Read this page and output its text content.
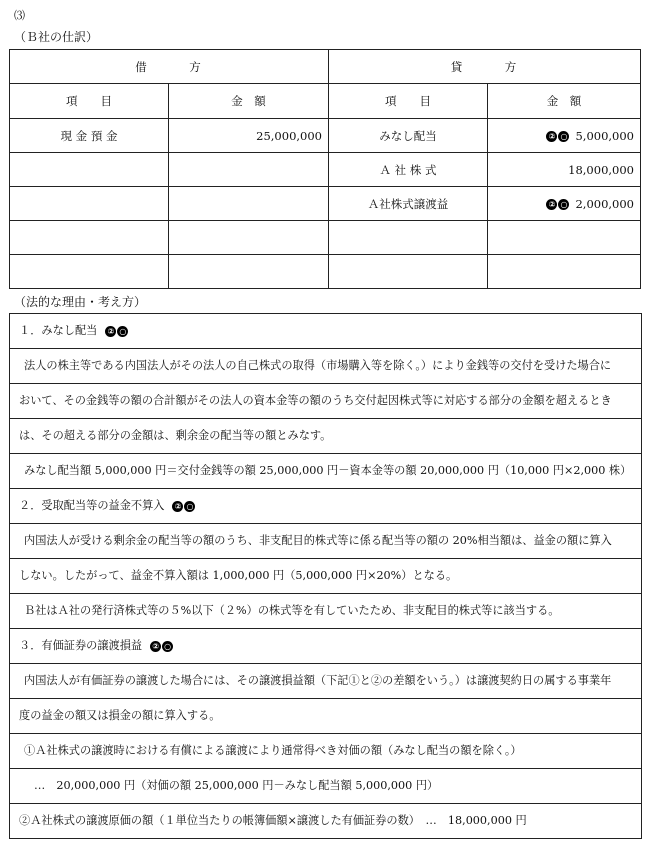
⑶
（Ｂ社の仕訳）
借　　　方		貸　　　方	
項　　目	金　額	項　　目	金　額
現 金 預 金	25,000,000	みなし配当	② ○ 5,000,000
		Ａ 社 株 式	18,000,000
		Ａ社株式譲渡益	② ○ 2,000,000

（法的な理由・考え方）
１．みなし配当 ② ○
法人の株主等である内国法人がその法人の自己株式の取得（市場購入等を除く。）により金銭等の交付を受けた場合に
おいて、その金銭等の額の合計額がその法人の資本金等の額のうち交付起因株式等に対応する部分の金額を超えるとき
は、その超える部分の金額は、剰余金の配当等の額とみなす。
みなし配当額 5,000,000 円＝交付金銭等の額 25,000,000 円－資本金等の額 20,000,000 円（10,000 円×2,000 株）
２．受取配当等の益金不算入 ② ○
内国法人が受ける剰余金の配当等の額のうち、非支配目的株式等に係る配当等の額の 20%相当額は、益金の額に算入
しない。したがって、益金不算入額は 1,000,000 円（5,000,000 円×20%）となる。
Ｂ社はＡ社の発行済株式等の５%以下（２%）の株式等を有していたため、非支配目的株式等に該当する。
３．有価証券の譲渡損益 ② ○
内国法人が有価証券の譲渡した場合には、その譲渡損益額（下記①と②の差額をいう。）は譲渡契約日の属する事業年
度の益金の額又は損金の額に算入する。
①Ａ社株式の譲渡時における有償による譲渡により通常得べき対価の額（みなし配当の額を除く。）
…　20,000,000 円（対価の額 25,000,000 円－みなし配当額 5,000,000 円）
②Ａ社株式の譲渡原価の額（１単位当たりの帳簿価額×譲渡した有価証券の数）　…　18,000,000 円
